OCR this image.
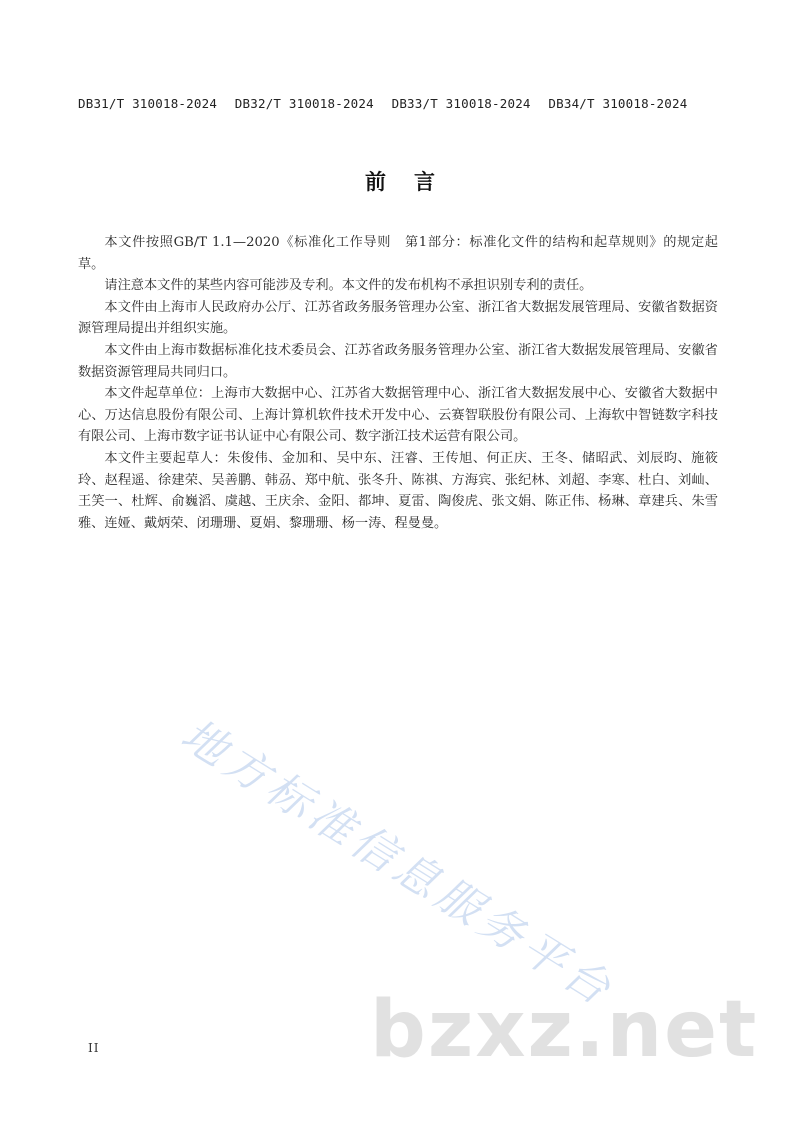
DB31/T 310018-2024 DB32/T 310018-2024 DB33/T 310018-2024 DB34/T 310018-2024
前言

本文件按照GB/T 1.1—2020《标准化工作导则　第1部分：标准化文件的结构和起草规则》的规定起草。

请注意本文件的某些内容可能涉及专利。本文件的发布机构不承担识别专利的责任。

本文件由上海市人民政府办公厅、江苏省政务服务管理办公室、浙江省大数据发展管理局、安徽省数据资源管理局提出并组织实施。

本文件由上海市数据标准化技术委员会、江苏省政务服务管理办公室、浙江省大数据发展管理局、安徽省数据资源管理局共同归口。

本文件起草单位：上海市大数据中心、江苏省大数据管理中心、浙江省大数据发展中心、安徽省大数据中心、万达信息股份有限公司、上海计算机软件技术开发中心、云赛智联股份有限公司、上海软中智链数字科技有限公司、上海市数字证书认证中心有限公司、数字浙江技术运营有限公司。

本文件主要起草人：朱俊伟、金加和、吴中东、汪睿、王传旭、何正庆、王冬、储昭武、刘辰昀、施筱玲、赵程遥、徐建荣、吴善鹏、韩刕、郑中航、张冬升、陈祺、方海宾、张纪林、刘超、李寒、杜白、刘屾、王笑一、杜辉、俞巍滔、虞越、王庆余、金阳、都坤、夏雷、陶俊虎、张文娟、陈正伟、杨琳、章建兵、朱雪雅、连娅、戴炳荣、闭珊珊、夏娟、黎珊珊、杨一涛、程曼曼。

地方标准信息服务平台
bzxz.net
II
